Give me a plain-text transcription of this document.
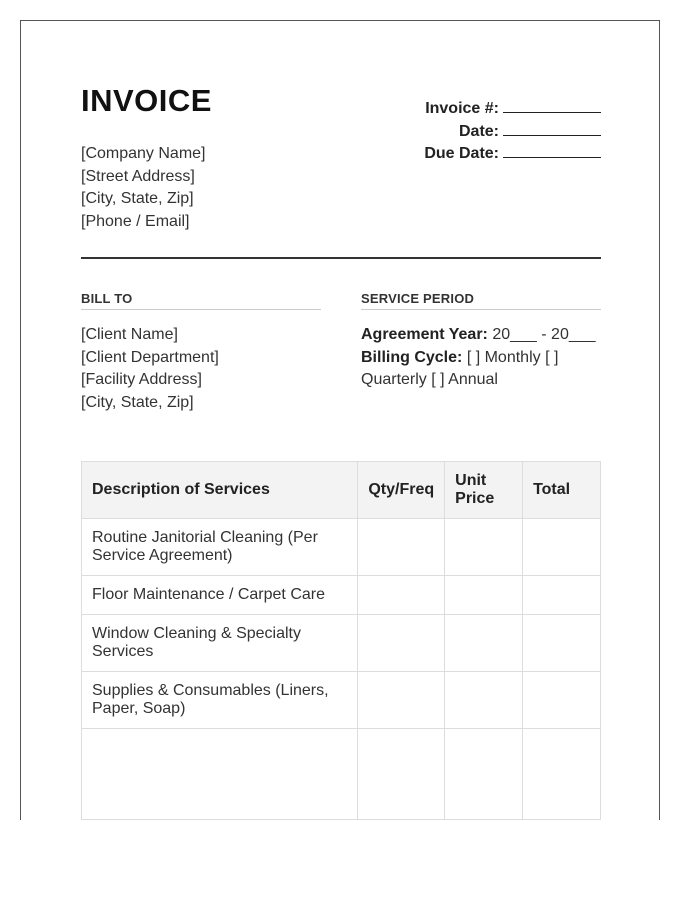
INVOICE
[Company Name]
[Street Address]
[City, State, Zip]
[Phone / Email]
Invoice #:
Date:
Due Date:
BILL TO	SERVICE PERIOD
[Client Name]
[Client Department]
[Facility Address]
[City, State, Zip]
Agreement Year: 20___ - 20___
Billing Cycle: [ ] Monthly [ ] Quarterly [ ] Annual
Description of Services	Qty/Freq	Unit Price	Total
Routine Janitorial Cleaning (Per Service Agreement)			
Floor Maintenance / Carpet Care			
Window Cleaning & Specialty Services			
Supplies & Consumables (Liners, Paper, Soap)			
